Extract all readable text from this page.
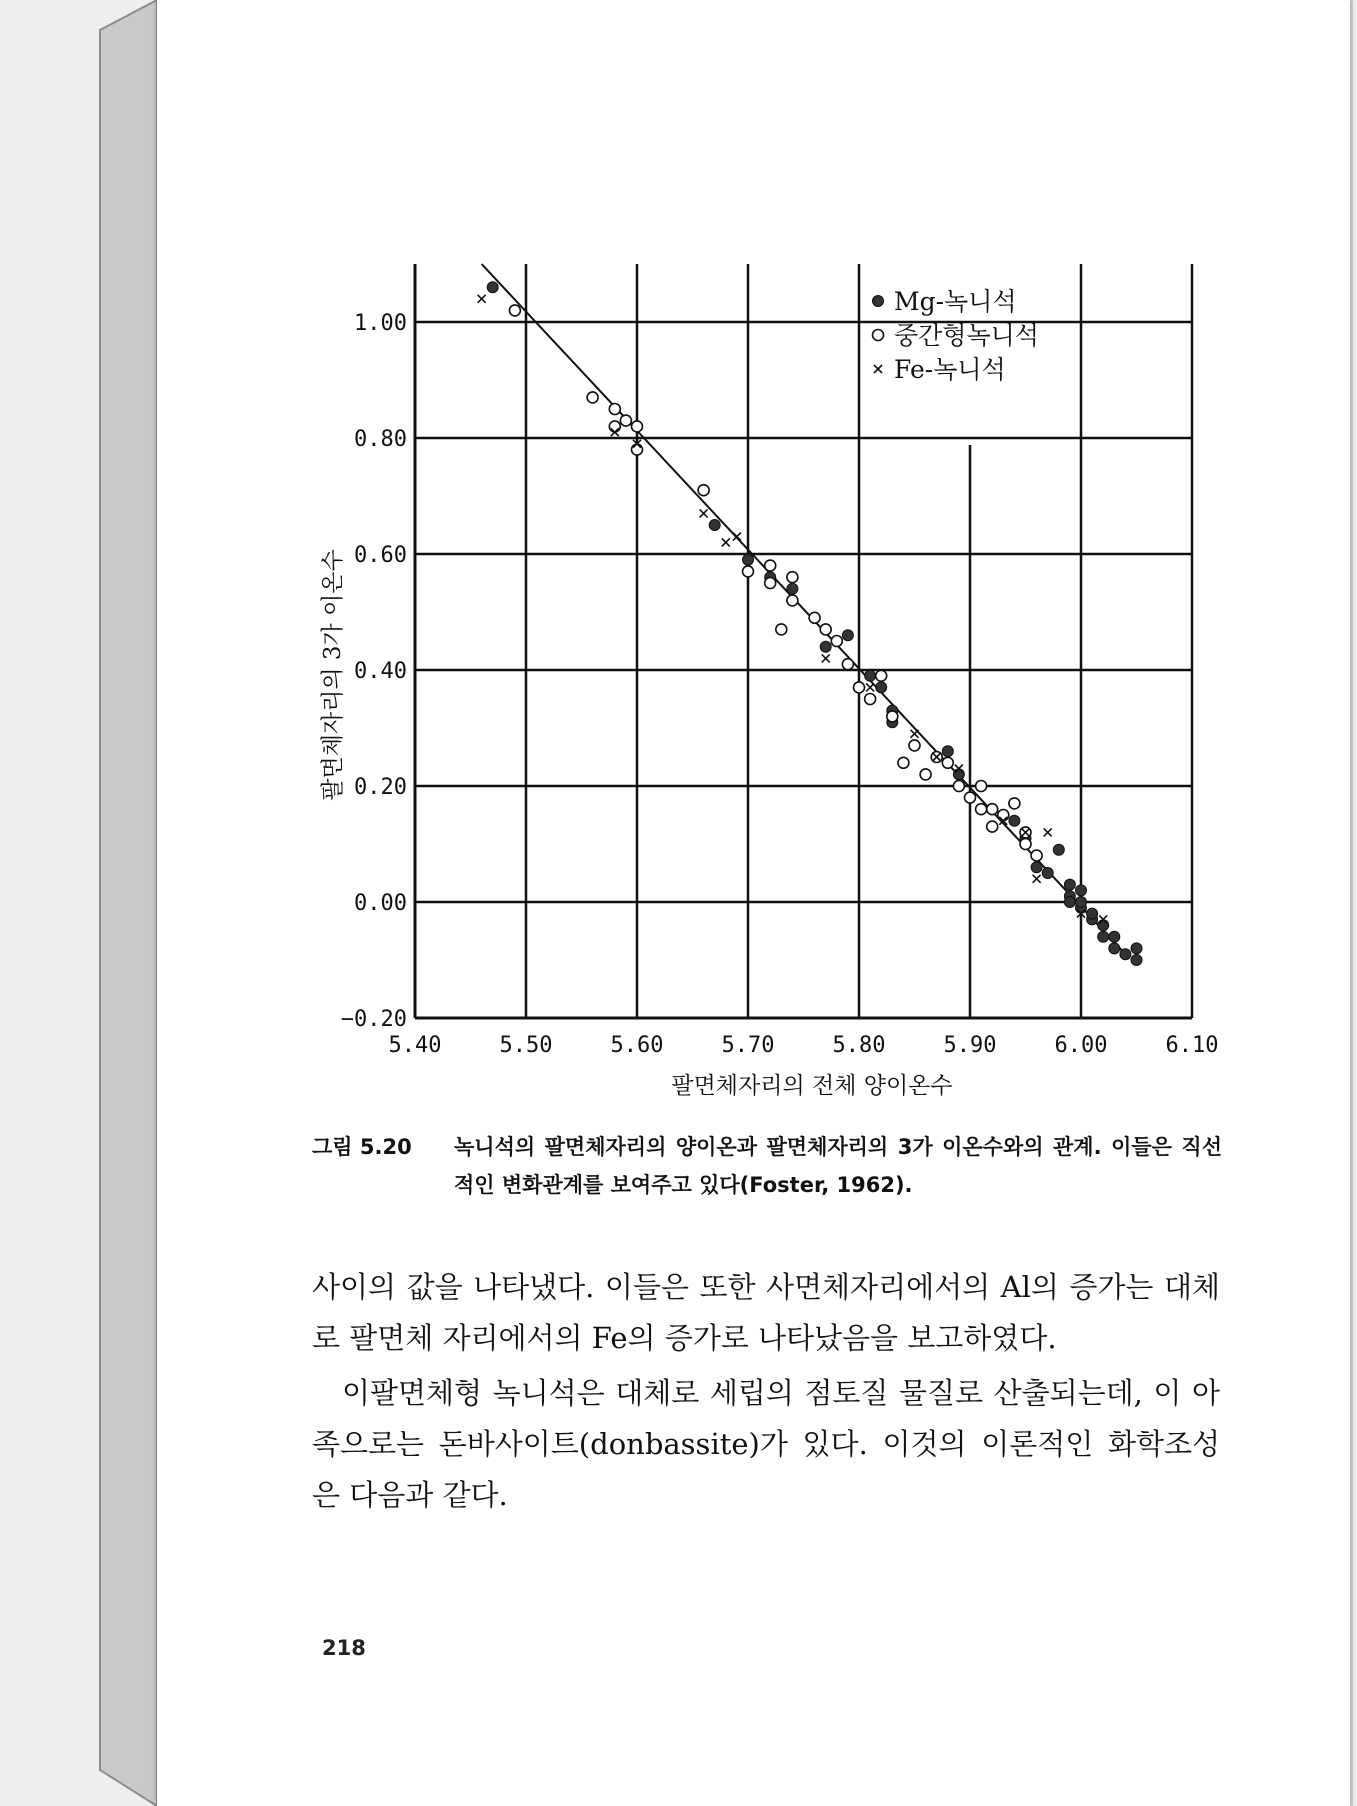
5.40	5.50	5.60	5.70	5.80	5.90	6.00	6.10
1.00
0.80
0.60
0.40
0.20
0.00
−0.20
Mg-녹니석
중간형녹니석
Fe-녹니석
팔면체자리의 전체 양이온수
팔면체자리의 3가 이온수
그림 5.20 녹니석의 팔면체자리의 양이온과 팔면체자리의 3가 이온수와의 관계. 이들은 직선적인 변화관계를 보여주고 있다(Foster, 1962).

사이의 값을 나타냈다. 이들은 또한 사면체자리에서의 Al의 증가는 대체로 팔면체 자리에서의 Fe의 증가로 나타났음을 보고하였다.

이팔면체형 녹니석은 대체로 세립의 점토질 물질로 산출되는데, 이 아족으로는 돈바사이트(donbassite)가 있다. 이것의 이론적인 화학조성은 다음과 같다.

218
